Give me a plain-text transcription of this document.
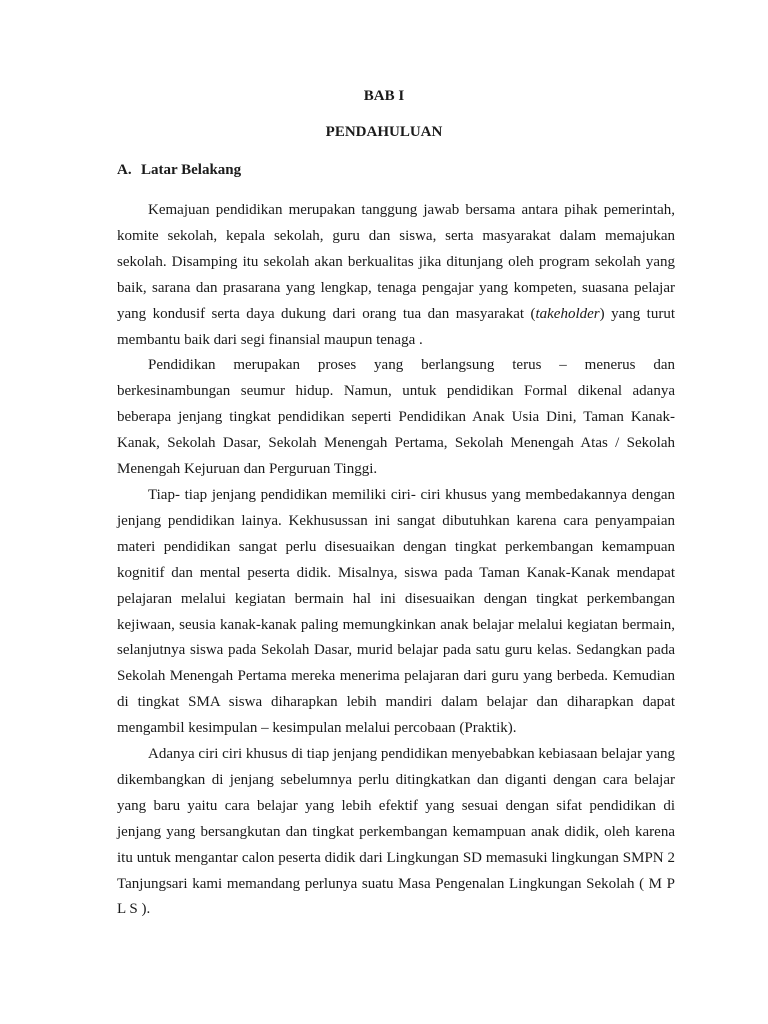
BAB I
PENDAHULUAN
A. Latar Belakang

Kemajuan pendidikan merupakan tanggung jawab bersama antara pihak pemerintah, komite sekolah, kepala sekolah, guru dan siswa, serta masyarakat dalam memajukan sekolah. Disamping itu sekolah akan berkualitas jika ditunjang oleh program sekolah yang baik, sarana dan prasarana yang lengkap, tenaga pengajar yang kompeten, suasana pelajar yang kondusif serta daya dukung dari orang tua dan masyarakat (takeholder) yang turut membantu baik dari segi finansial maupun tenaga .

Pendidikan merupakan proses yang berlangsung terus – menerus dan berkesinambungan seumur hidup. Namun, untuk pendidikan Formal dikenal adanya beberapa jenjang tingkat pendidikan seperti Pendidikan Anak Usia Dini, Taman Kanak-Kanak, Sekolah Dasar, Sekolah Menengah Pertama, Sekolah Menengah Atas / Sekolah Menengah Kejuruan dan Perguruan Tinggi.

Tiap- tiap jenjang pendidikan memiliki ciri- ciri khusus yang membedakannya dengan jenjang pendidikan lainya. Kekhusussan ini sangat dibutuhkan karena cara penyampaian materi pendidikan sangat perlu disesuaikan dengan tingkat perkembangan kemampuan kognitif dan mental peserta didik. Misalnya, siswa pada Taman Kanak-Kanak mendapat pelajaran melalui kegiatan bermain hal ini disesuaikan dengan tingkat perkembangan kejiwaan, seusia kanak-kanak paling memungkinkan anak belajar melalui kegiatan bermain, selanjutnya siswa pada Sekolah Dasar, murid belajar pada satu guru kelas. Sedangkan pada Sekolah Menengah Pertama mereka menerima pelajaran dari guru yang berbeda. Kemudian di tingkat SMA siswa diharapkan lebih mandiri dalam belajar dan diharapkan dapat mengambil kesimpulan – kesimpulan melalui percobaan (Praktik).

Adanya ciri ciri khusus di tiap jenjang pendidikan menyebabkan kebiasaan belajar yang dikembangkan di jenjang sebelumnya perlu ditingkatkan dan diganti dengan cara belajar yang baru yaitu cara belajar yang lebih efektif yang sesuai dengan sifat pendidikan di jenjang yang bersangkutan dan tingkat perkembangan kemampuan anak didik, oleh karena itu untuk mengantar calon peserta didik dari Lingkungan SD memasuki lingkungan SMPN 2 Tanjungsari kami memandang perlunya suatu Masa Pengenalan Lingkungan Sekolah ( M P L S ).
